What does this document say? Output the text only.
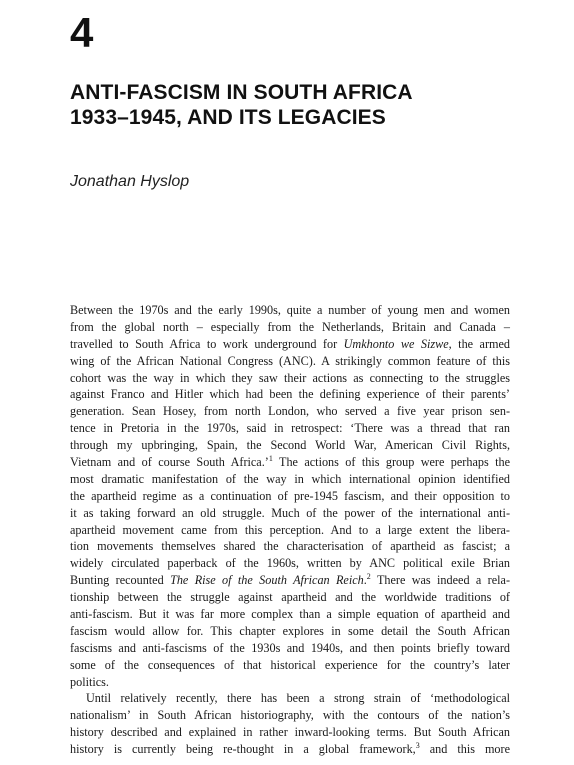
4
ANTI-FASCISM IN SOUTH AFRICA
1933–1945, AND ITS LEGACIES
Jonathan Hyslop
Between the 1970s and the early 1990s, quite a number of young men and women
from the global north – especially from the Netherlands, Britain and Canada –
travelled to South Africa to work underground for Umkhonto we Sizwe, the armed
wing of the African National Congress (ANC). A strikingly common feature of this
cohort was the way in which they saw their actions as connecting to the struggles
against Franco and Hitler which had been the defining experience of their parents’
generation. Sean Hosey, from north London, who served a five year prison sen-
tence in Pretoria in the 1970s, said in retrospect: ‘There was a thread that ran
through my upbringing, Spain, the Second World War, American Civil Rights,
Vietnam and of course South Africa.’$^1$ The actions of this group were perhaps the
most dramatic manifestation of the way in which international opinion identified
the apartheid regime as a continuation of pre-1945 fascism, and their opposition to
it as taking forward an old struggle. Much of the power of the international anti-
apartheid movement came from this perception. And to a large extent the libera-
tion movements themselves shared the characterisation of apartheid as fascist; a
widely circulated paperback of the 1960s, written by ANC political exile Brian
Bunting recounted The Rise of the South African Reich.$^2$ There was indeed a rela-
tionship between the struggle against apartheid and the worldwide traditions of
anti-fascism. But it was far more complex than a simple equation of apartheid and
fascism would allow for. This chapter explores in some detail the South African
fascisms and anti-fascisms of the 1930s and 1940s, and then points briefly toward
some of the consequences of that historical experience for the country’s later
politics.
Until relatively recently, there has been a strong strain of ‘methodological
nationalism’ in South African historiography, with the contours of the nation’s
history described and explained in rather inward-looking terms. But South African
history is currently being re-thought in a global framework,$^3$ and this more
